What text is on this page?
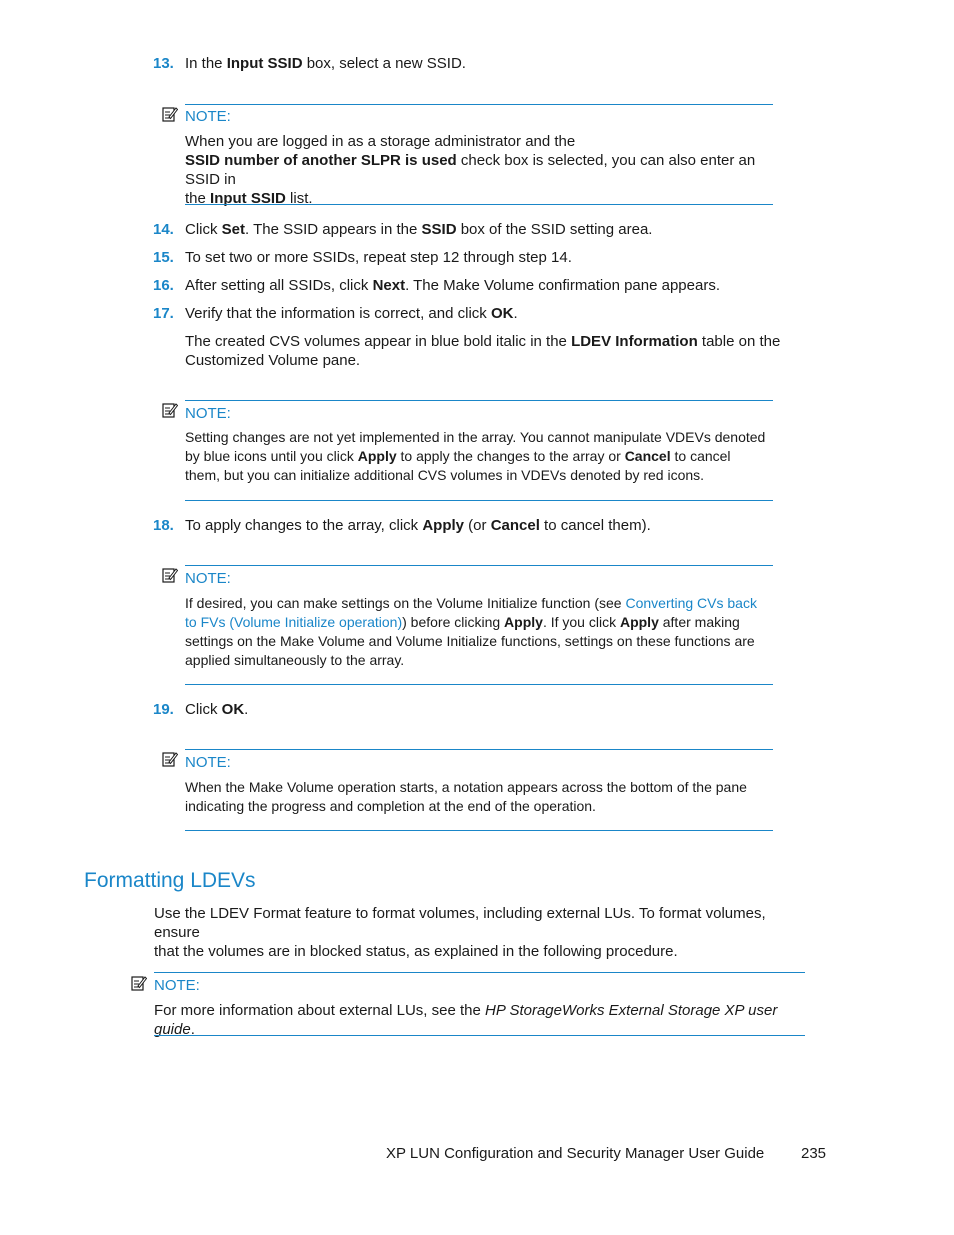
13. In the Input SSID box, select a new SSID.
NOTE:
When you are logged in as a storage administrator and the
SSID number of another SLPR is used check box is selected, you can also enter an SSID in
the Input SSID list.
14. Click Set. The SSID appears in the SSID box of the SSID setting area.
15. To set two or more SSIDs, repeat step 12 through step 14.
16. After setting all SSIDs, click Next. The Make Volume confirmation pane appears.
17. Verify that the information is correct, and click OK.
The created CVS volumes appear in blue bold italic in the LDEV Information table on the
Customized Volume pane.
NOTE:
Setting changes are not yet implemented in the array. You cannot manipulate VDEVs denoted
by blue icons until you click Apply to apply the changes to the array or Cancel to cancel
them, but you can initialize additional CVS volumes in VDEVs denoted by red icons.
18. To apply changes to the array, click Apply (or Cancel to cancel them).
NOTE:
If desired, you can make settings on the Volume Initialize function (see Converting CVs back
to FVs (Volume Initialize operation)) before clicking Apply. If you click Apply after making
settings on the Make Volume and Volume Initialize functions, settings on these functions are
applied simultaneously to the array.
19. Click OK.
NOTE:
When the Make Volume operation starts, a notation appears across the bottom of the pane
indicating the progress and completion at the end of the operation.
Formatting LDEVs
Use the LDEV Format feature to format volumes, including external LUs. To format volumes, ensure
that the volumes are in blocked status, as explained in the following procedure.
NOTE:
For more information about external LUs, see the HP StorageWorks External Storage XP user guide.
XP LUN Configuration and Security Manager User Guide 235
